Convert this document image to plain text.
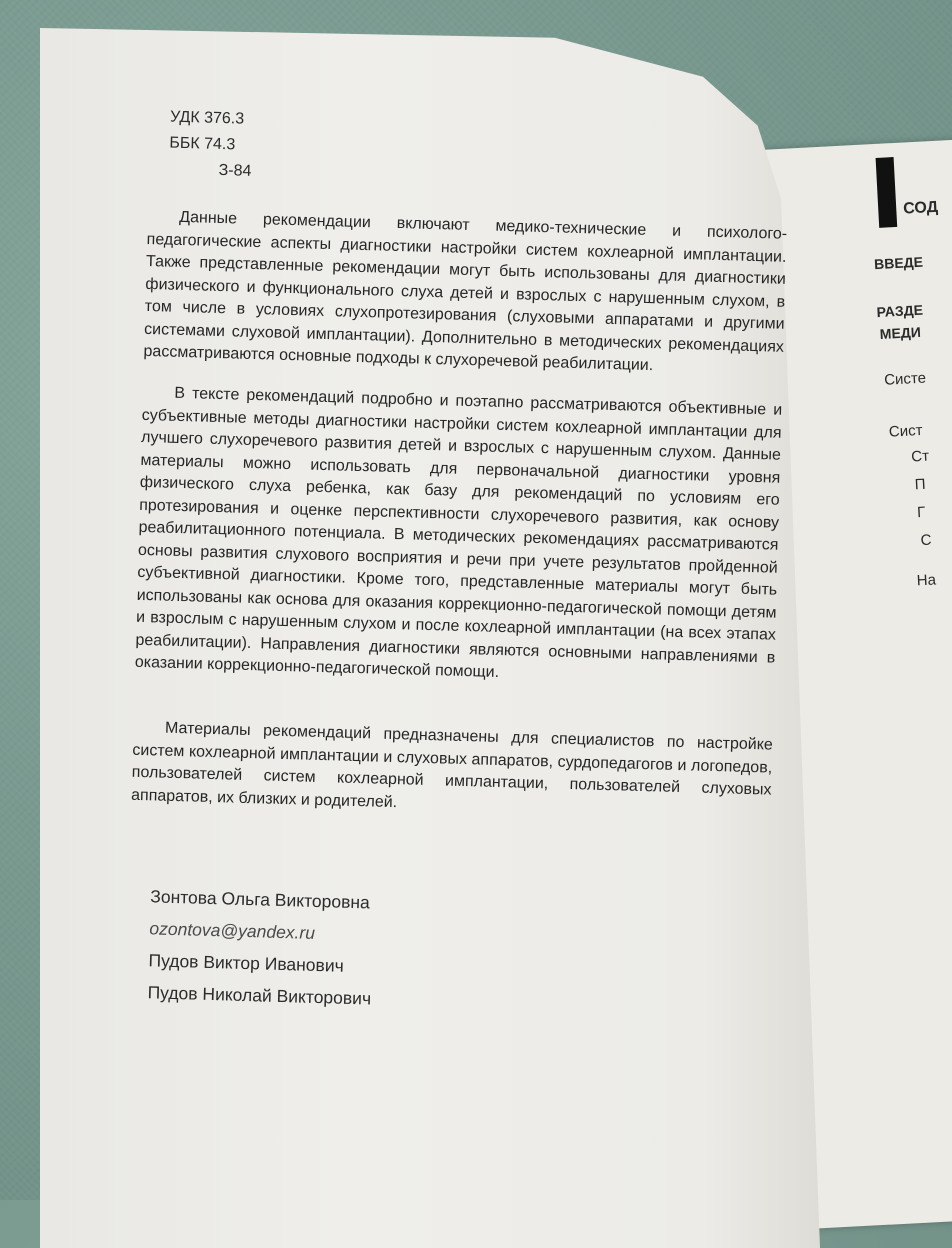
СОД
ВВЕДЕ
РАЗДЕ
МЕДИ
Систе
Сист
Ст
П
Г
С
На
УДК 376.3
ББК 74.3
З-84
Данные рекомендации включают медико-технические и психолого-педагогические аспекты диагностики настройки систем кохлеарной имплантации. Также представленные рекомендации могут быть использованы для диагностики физического и функционального слуха детей и взрослых с нарушенным слухом, в том числе в условиях слухопротезирования (слуховыми аппаратами и другими системами слуховой имплантации). Дополнительно в методических рекомендациях рассматриваются основные подходы к слухоречевой реабилитации.
В тексте рекомендаций подробно и поэтапно рассматриваются объективные и субъективные методы диагностики настройки систем кохлеарной имплантации для лучшего слухоречевого развития детей и взрослых с нарушенным слухом. Данные материалы можно использовать для первоначальной диагностики уровня физического слуха ребенка, как базу для рекомендаций по условиям его протезирования и оценке перспективности слухоречевого развития, как основу реабилитационного потенциала. В методических рекомендациях рассматриваются основы развития слухового восприятия и речи при учете результатов пройденной субъективной диагностики. Кроме того, представленные материалы могут быть использованы как основа для оказания коррекционно-педагогической помощи детям и взрослым с нарушенным слухом и после кохлеарной имплантации (на всех этапах реабилитации). Направления диагностики являются основными направлениями в оказании коррекционно-педагогической помощи.
Материалы рекомендаций предназначены для специалистов по настройке систем кохлеарной имплантации и слуховых аппаратов, сурдопедагогов и логопедов, пользователей систем кохлеарной имплантации, пользователей слуховых аппаратов, их близких и родителей.
Зонтова Ольга Викторовна
ozontova@yandex.ru
Пудов Виктор Иванович
Пудов Николай Викторович
